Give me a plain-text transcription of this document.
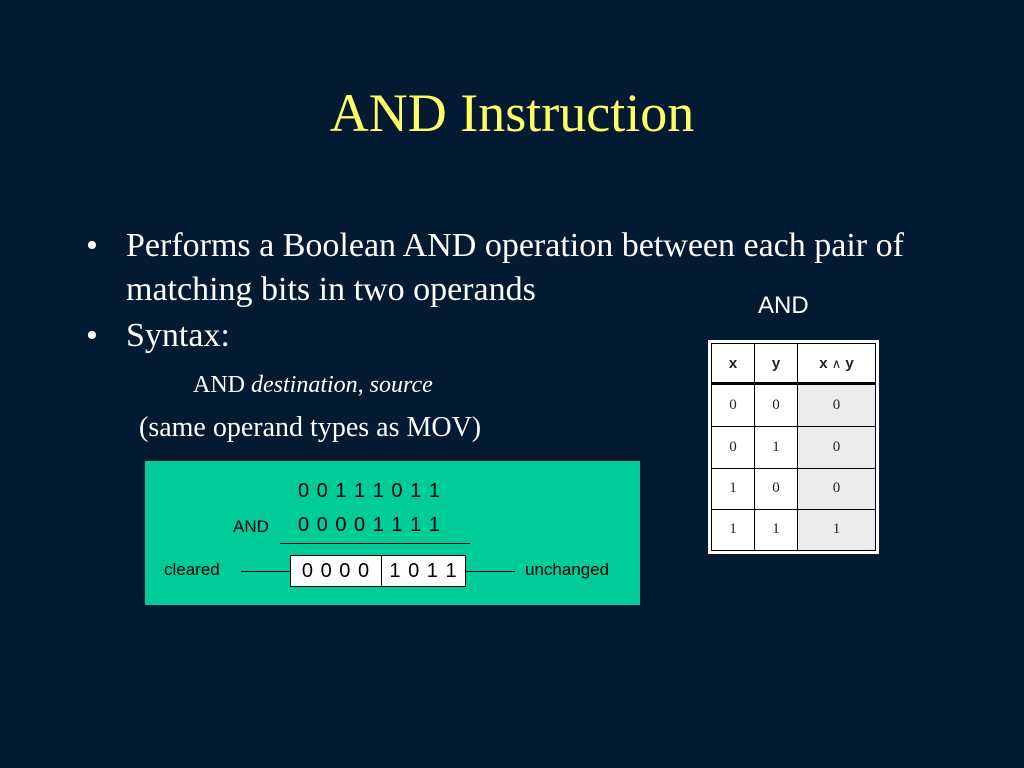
AND Instruction
• Performs a Boolean AND operation between each pair of matching bits in two operands
• Syntax:
AND destination, source
(same operand types as MOV)
0 0 1 1 1 0 1 1
AND 0 0 0 0 1 1 1 1
cleared	0 0 0 0 1 0 1 1	unchanged
AND
x	y	x ∧ y
0	0	0
0	1	0
1	0	0
1	1	1
